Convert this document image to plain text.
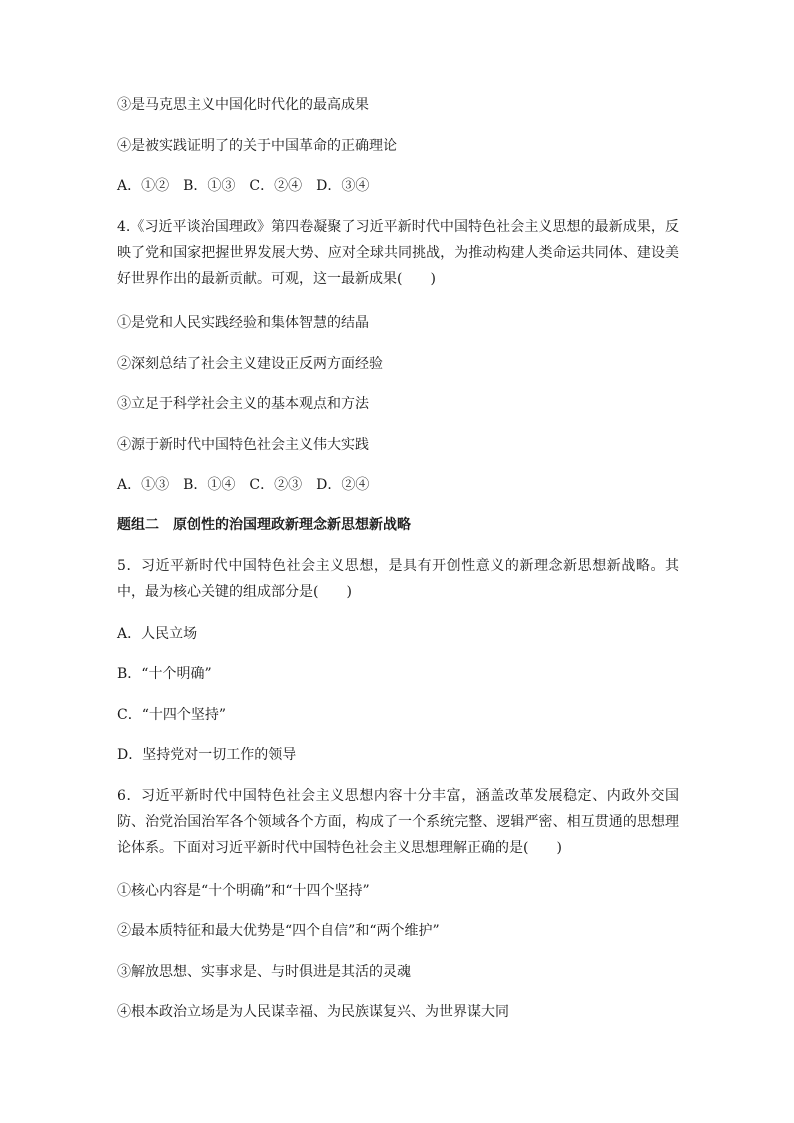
③是马克思主义中国化时代化的最高成果
④是被实践证明了的关于中国革命的正确理论
A．①②　B．①③　C．②④　D．③④
4.《习近平谈治国理政》第四卷凝聚了习近平新时代中国特色社会主义思想的最新成果，反映了党和国家把握世界发展大势、应对全球共同挑战，为推动构建人类命运共同体、建设美好世界作出的最新贡献。可观，这一最新成果(　　)
①是党和人民实践经验和集体智慧的结晶
②深刻总结了社会主义建设正反两方面经验
③立足于科学社会主义的基本观点和方法
④源于新时代中国特色社会主义伟大实践
A．①③　B．①④　C．②③　D．②④
题组二　原创性的治国理政新理念新思想新战略
5．习近平新时代中国特色社会主义思想，是具有开创性意义的新理念新思想新战略。其中，最为核心关键的组成部分是(　　)
A．人民立场
B．“十个明确”
C．“十四个坚持”
D．坚持党对一切工作的领导
6．习近平新时代中国特色社会主义思想内容十分丰富，涵盖改革发展稳定、内政外交国防、治党治国治军各个领域各个方面，构成了一个系统完整、逻辑严密、相互贯通的思想理论体系。下面对习近平新时代中国特色社会主义思想理解正确的是(　　)
①核心内容是“十个明确”和“十四个坚持”
②最本质特征和最大优势是“四个自信”和“两个维护”
③解放思想、实事求是、与时俱进是其活的灵魂
④根本政治立场是为人民谋幸福、为民族谋复兴、为世界谋大同
